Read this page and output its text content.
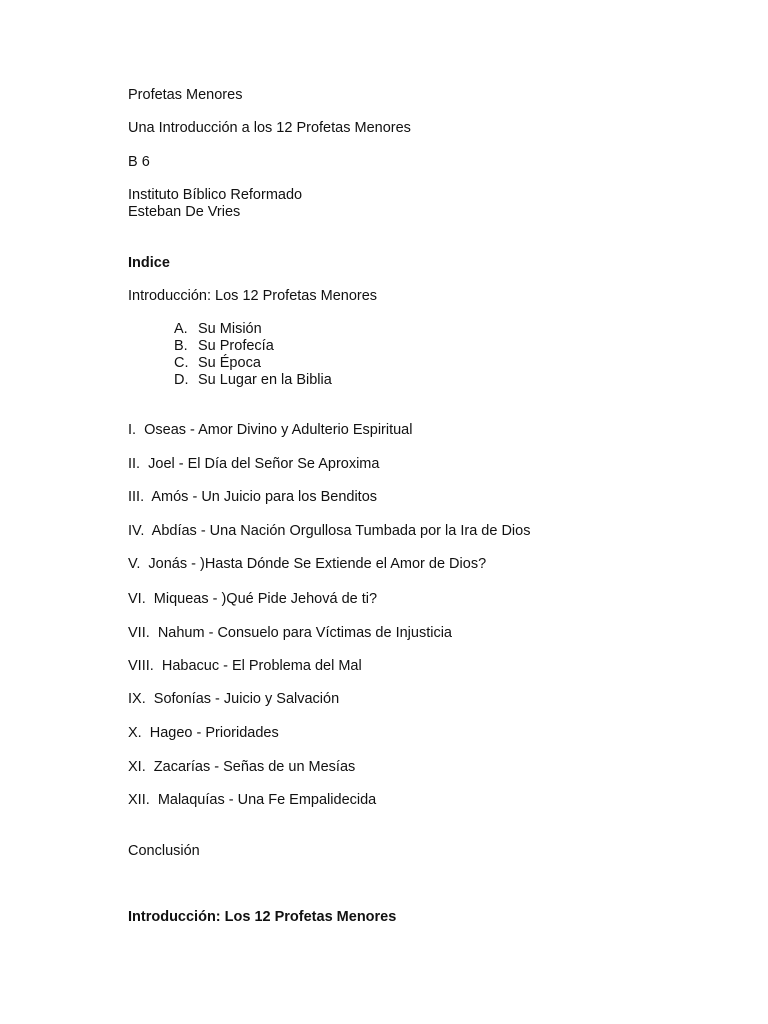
Profetas Menores
Una Introducción a los 12 Profetas Menores
B 6
Instituto Bíblico Reformado
Esteban De Vries
Indice
Introducción: Los 12 Profetas Menores
A. Su Misión
B. Su Profecía
C. Su Época
D. Su Lugar en la Biblia
I.  Oseas - Amor Divino y Adulterio Espiritual
II.  Joel - El Día del Señor Se Aproxima
III.  Amós - Un Juicio para los Benditos
IV.  Abdías - Una Nación Orgullosa Tumbada por la Ira de Dios
V.  Jonás - )Hasta Dónde Se Extiende el Amor de Dios?
VI.  Miqueas - )Qué Pide Jehová de ti?
VII.  Nahum - Consuelo para Víctimas de Injusticia
VIII.  Habacuc - El Problema del Mal
IX.  Sofonías - Juicio y Salvación
X.  Hageo - Prioridades
XI.  Zacarías - Señas de un Mesías
XII.  Malaquías - Una Fe Empalidecida
Conclusión
Introducción: Los 12 Profetas Menores
